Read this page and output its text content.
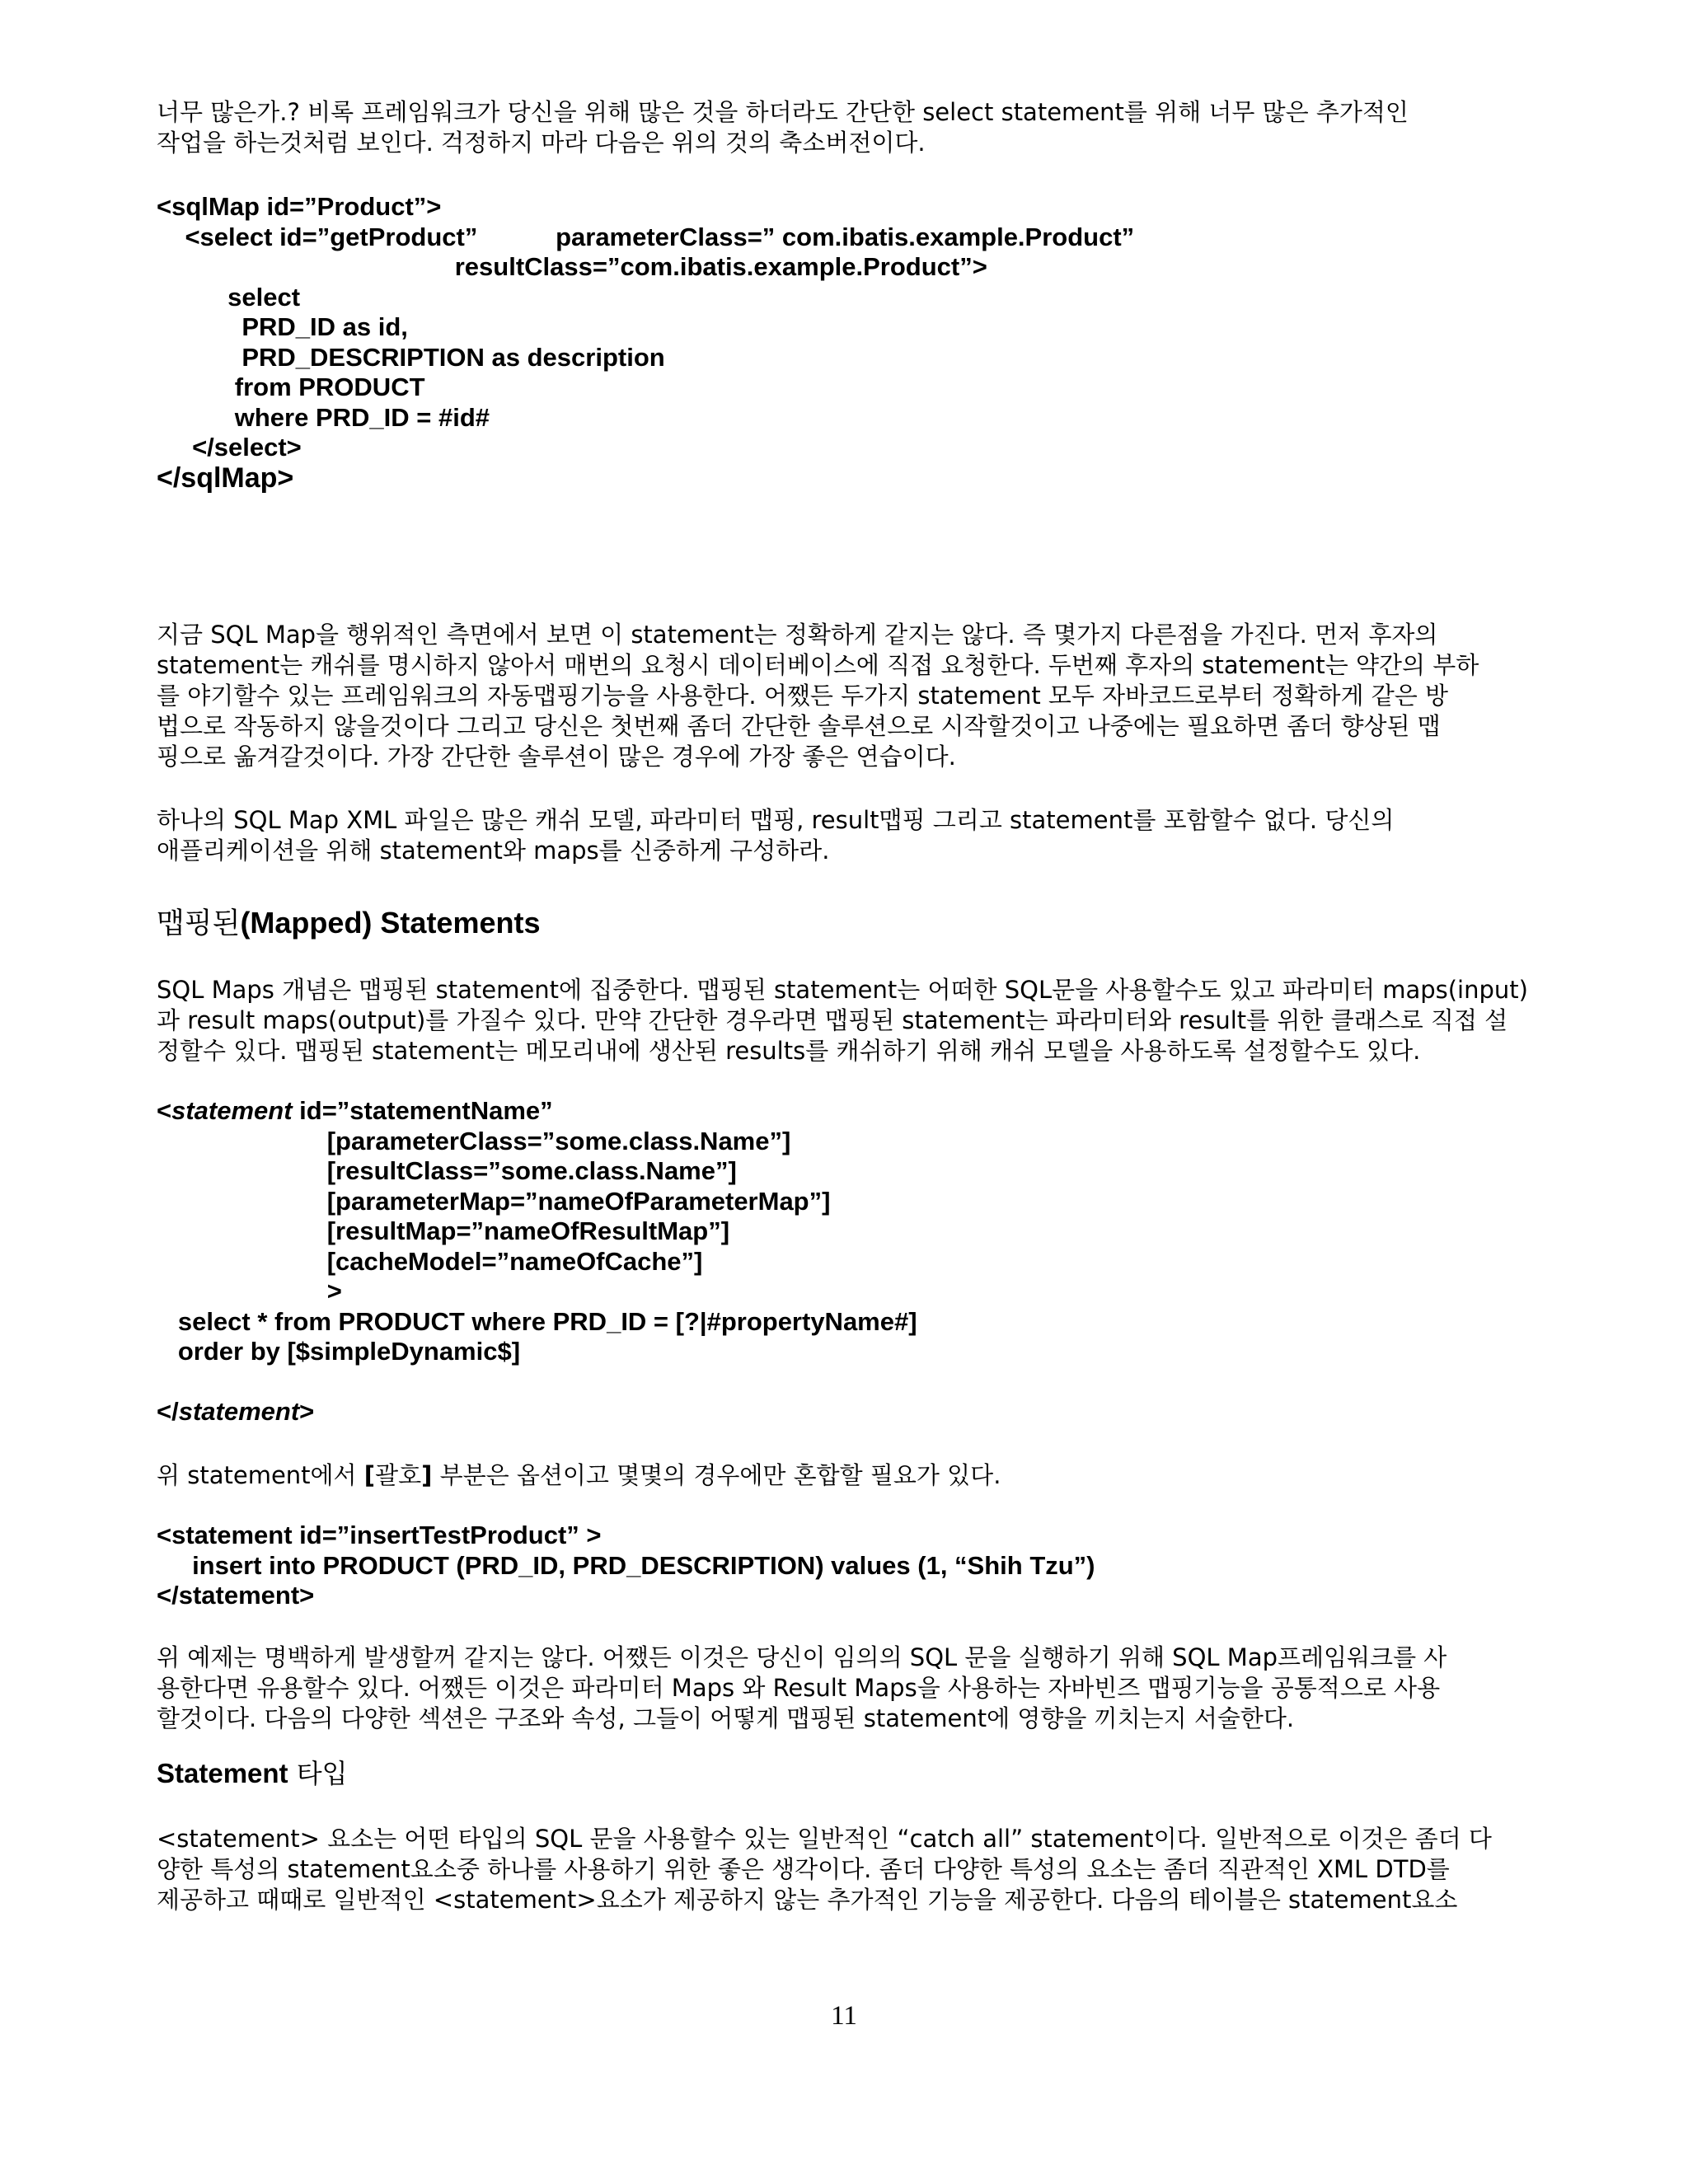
너무 많은가.? 비록 프레임워크가 당신을 위해 많은 것을 하더라도 간단한 select statement를 위해 너무 많은 추가적인
작업을 하는것처럼 보인다. 걱정하지 마라 다음은 위의 것의 축소버전이다.
<sqlMap id=”Product”>
<select id=”getProduct”           parameterClass=” com.ibatis.example.Product”
resultClass=”com.ibatis.example.Product”>
select
PRD_ID as id,
PRD_DESCRIPTION as description
from PRODUCT
where PRD_ID = #id#
</select>
</sqlMap>
지금 SQL Map을 행위적인 측면에서 보면 이 statement는 정확하게 같지는 않다. 즉 몇가지 다른점을 가진다. 먼저 후자의
statement는 캐쉬를 명시하지 않아서 매번의 요청시 데이터베이스에 직접 요청한다. 두번째 후자의 statement는 약간의 부하
를 야기할수 있는 프레임워크의 자동맵핑기능을 사용한다. 어쨌든 두가지 statement 모두 자바코드로부터 정확하게 같은 방
법으로 작동하지 않을것이다 그리고 당신은 첫번째 좀더 간단한 솔루션으로 시작할것이고 나중에는 필요하면 좀더 향상된 맵
핑으로 옮겨갈것이다. 가장 간단한 솔루션이 많은 경우에 가장 좋은 연습이다.
하나의 SQL Map XML 파일은 많은 캐쉬 모델, 파라미터 맵핑, result맵핑 그리고 statement를 포함할수 없다. 당신의
애플리케이션을 위해 statement와 maps를 신중하게 구성하라.
맵핑된(Mapped) Statements
SQL Maps 개념은 맵핑된 statement에 집중한다. 맵핑된 statement는 어떠한 SQL문을 사용할수도 있고 파라미터 maps(input)
과 result maps(output)를 가질수 있다. 만약 간단한 경우라면 맵핑된 statement는 파라미터와 result를 위한 클래스로 직접 설
정할수 있다. 맵핑된 statement는 메모리내에 생산된 results를 캐쉬하기 위해 캐쉬 모델을 사용하도록 설정할수도 있다.
<statement id=”statementName”
[parameterClass=”some.class.Name”]
[resultClass=”some.class.Name”]
[parameterMap=”nameOfParameterMap”]
[resultMap=”nameOfResultMap”]
[cacheModel=”nameOfCache”]
>
select * from PRODUCT where PRD_ID = [?|#propertyName#]
order by [$simpleDynamic$]

</statement>
위 statement에서 [괄호] 부분은 옵션이고 몇몇의 경우에만 혼합할 필요가 있다.
<statement id=”insertTestProduct” >
insert into PRODUCT (PRD_ID, PRD_DESCRIPTION) values (1, “Shih Tzu”)
</statement>
위 예제는 명백하게 발생할꺼 같지는 않다. 어쨌든 이것은 당신이 임의의 SQL 문을 실행하기 위해 SQL Map프레임워크를 사
용한다면 유용할수 있다. 어쨌든 이것은 파라미터 Maps 와 Result Maps을 사용하는 자바빈즈 맵핑기능을 공통적으로 사용
할것이다. 다음의 다양한 섹션은 구조와 속성, 그들이 어떻게 맵핑된 statement에 영향을 끼치는지 서술한다.
Statement 타입
<statement> 요소는 어떤 타입의 SQL 문을 사용할수 있는 일반적인 “catch all” statement이다. 일반적으로 이것은 좀더 다
양한 특성의 statement요소중 하나를 사용하기 위한 좋은 생각이다. 좀더 다양한 특성의 요소는 좀더 직관적인 XML DTD를
제공하고 때때로 일반적인 <statement>요소가 제공하지 않는 추가적인 기능을 제공한다. 다음의 테이블은 statement요소
11
